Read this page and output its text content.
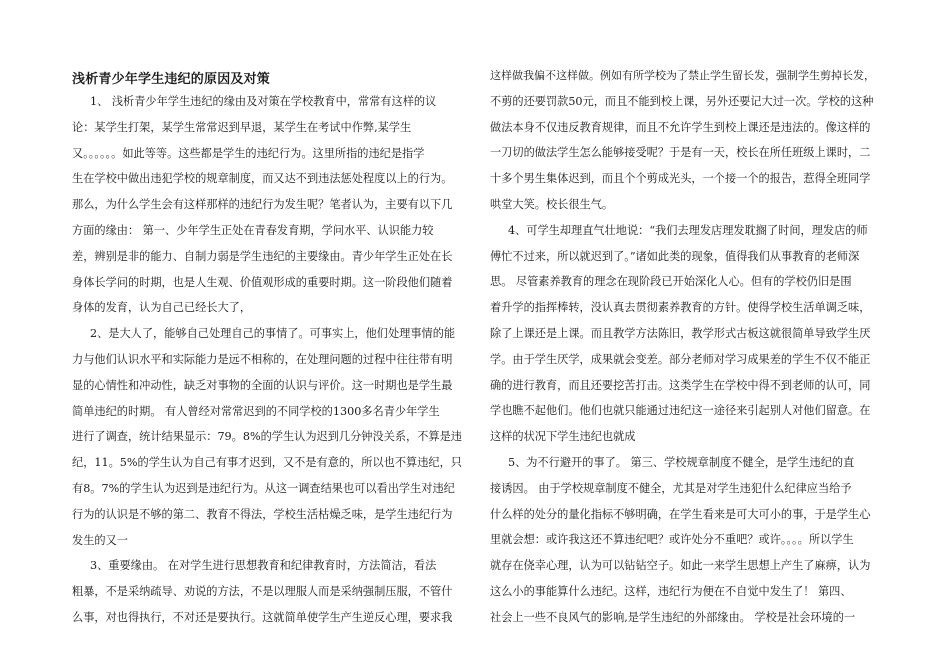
浅析青少年学生违纪的原因及对策
1、 浅析青少年学生违纪的缘由及对策在学校教育中，常常有这样的议
论：某学生打架，某学生常常迟到早退，某学生在考试中作弊,某学生
又。。。。。。如此等等。这些都是学生的违纪行为。这里所指的违纪是指学
生在学校中做出违犯学校的规章制度，而又达不到违法惩处程度以上的行为。
那么，为什么学生会有这样那样的违纪行为发生呢？笔者认为，主要有以下几
方面的缘由： 第一、少年学生正处在青春发育期，学问水平、认识能力较
差，辨别是非的能力、自制力弱是学生违纪的主要缘由。青少年学生正处在长
身体长学问的时期，也是人生观、价值观形成的重要时期。这一阶段他们随着
身体的发育，认为自己已经长大了，
2、是大人了，能够自己处理自己的事情了。可事实上，他们处理事情的能
力与他们认识水平和实际能力是远不相称的，在处理问题的过程中往往带有明
显的心情性和冲动性，缺乏对事物的全面的认识与评价。这一时期也是学生最
简单违纪的时期。 有人曾经对常常迟到的不同学校的1300多名青少年学生
进行了调查，统计结果显示：79。8%的学生认为迟到几分钟没关系，不算是违
纪，11。5%的学生认为自己有事才迟到，又不是有意的，所以也不算违纪，只
有8。7%的学生认为迟到是违纪行为。从这一调查结果也可以看出学生对违纪
行为的认识是不够的第二、教育不得法，学校生活枯燥乏味，是学生违纪行为
发生的又一
3、重要缘由。 在对学生进行思想教育和纪律教育时，方法简洁，看法
粗暴，不是采纳疏导、劝说的方法，不是以理服人而是采纳强制压服，不管什
么事，对也得执行，不对还是要执行。这就简单使学生产生逆反心理，要求我
这样做我偏不这样做。例如有所学校为了禁止学生留长发，强制学生剪掉长发，
不剪的还要罚款50元，而且不能到校上课，另外还要记大过一次。学校的这种
做法本身不仅违反教育规律，而且不允许学生到校上课还是违法的。像这样的
一刀切的做法学生怎么能够接受呢？于是有一天，校长在所任班级上课时，二
十多个男生集体迟到，而且个个剪成光头，一个接一个的报告，惹得全班同学
哄堂大笑。校长很生气。
4、可学生却理直气壮地说：“我们去理发店理发耽搁了时间，理发店的师
傅忙不过来，所以就迟到了。”诸如此类的现象，值得我们从事教育的老师深
思。 尽管素养教育的理念在现阶段已开始深化人心。但有的学校仍旧是围
着升学的指挥棒转，没认真去贯彻素养教育的方针。使得学校生活单调乏味，
除了上课还是上课。而且教学方法陈旧，教学形式古板这就很简单导致学生厌
学。由于学生厌学，成果就会变差。部分老师对学习成果差的学生不仅不能正
确的进行教育，而且还要挖苦打击。这类学生在学校中得不到老师的认可，同
学也瞧不起他们。他们也就只能通过违纪这一途径来引起别人对他们留意。在
这样的状况下学生违纪也就成
5、为不行避开的事了。 第三、学校规章制度不健全，是学生违纪的直
接诱因。 由于学校规章制度不健全，尤其是对学生违犯什么纪律应当给予
什么样的处分的量化指标不够明确，在学生看来是可大可小的事，于是学生心
里就会想：或许我这还不算违纪吧？或许处分不重吧？或许。。。。所以学生
就存在侥幸心理，认为可以钻钻空子。如此一来学生思想上产生了麻痹，认为
这么小的事能算什么违纪。这样，违纪行为便在不自觉中发生了！ 第四、
社会上一些不良风气的影响,是学生违纪的外部缘由。 学校是社会环境的一
